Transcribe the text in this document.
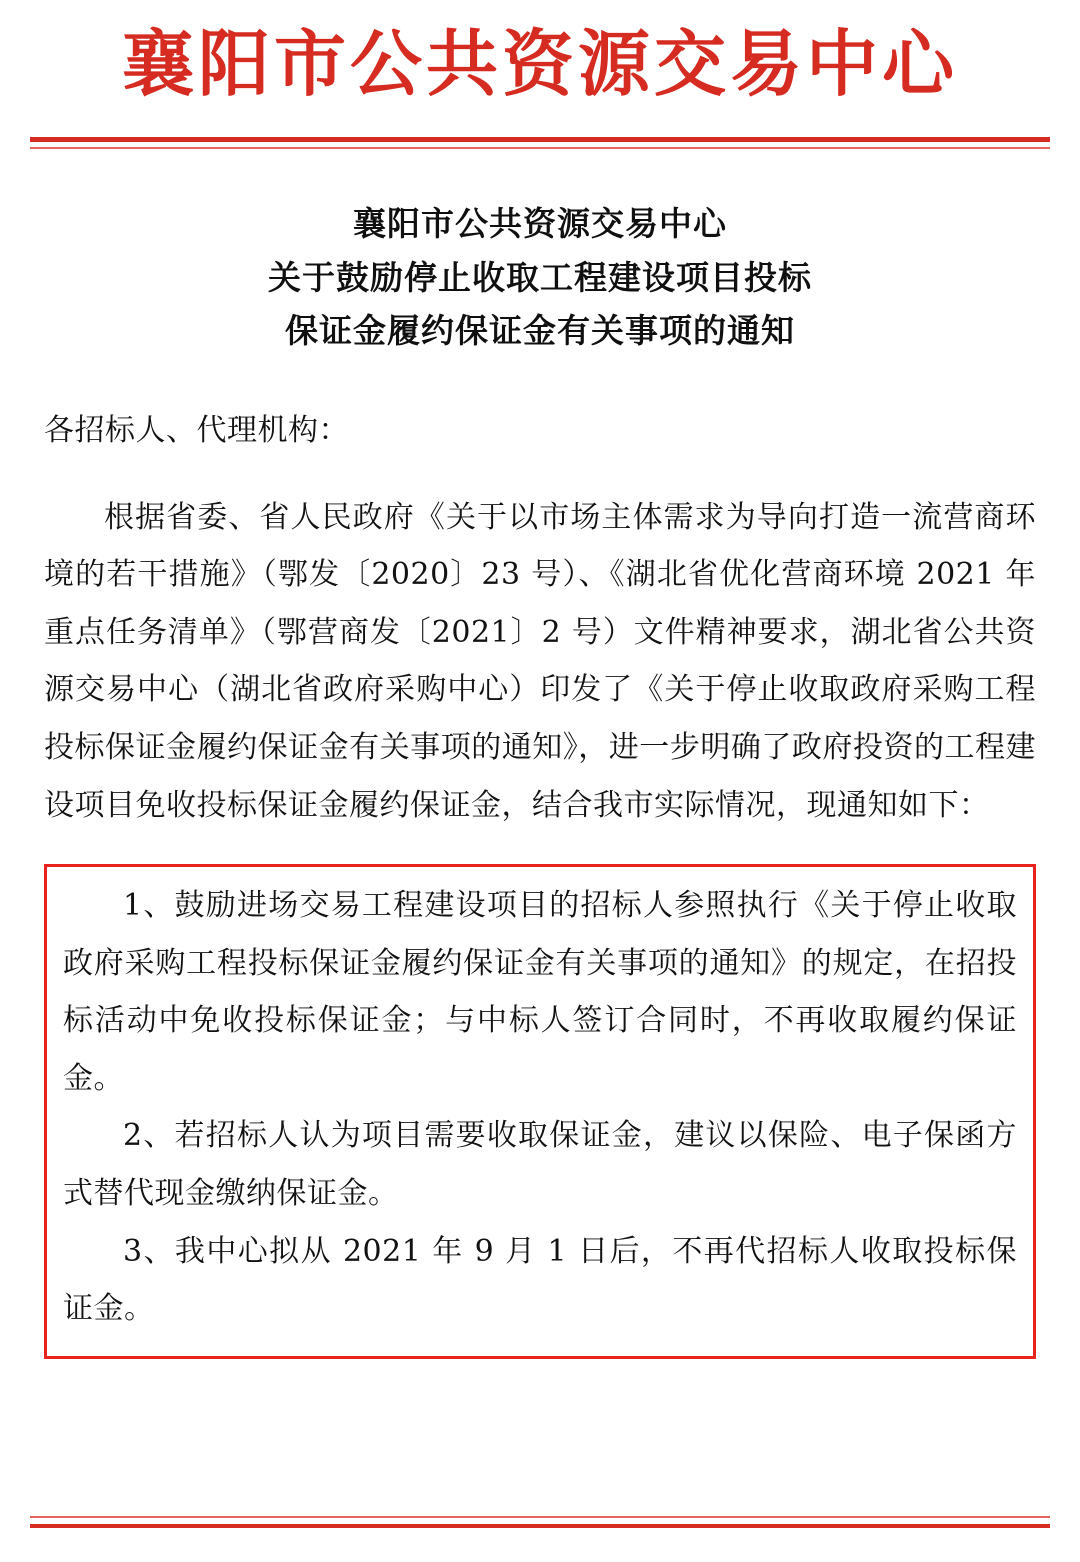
襄阳市公共资源交易中心
襄阳市公共资源交易中心
关于鼓励停止收取工程建设项目投标
保证金履约保证金有关事项的通知

各招标人、代理机构：

根据省委、省人民政府《关于以市场主体需求为导向打造一流营商环境的若干措施》（鄂发〔2020〕23 号）、《湖北省优化营商环境 2021 年重点任务清单》（鄂营商发〔2021〕2 号）文件精神要求，湖北省公共资源交易中心（湖北省政府采购中心）印发了《关于停止收取政府采购工程投标保证金履约保证金有关事项的通知》，进一步明确了政府投资的工程建设项目免收投标保证金履约保证金，结合我市实际情况，现通知如下：

1、鼓励进场交易工程建设项目的招标人参照执行《关于停止收取政府采购工程投标保证金履约保证金有关事项的通知》的规定，在招投标活动中免收投标保证金；与中标人签订合同时，不再收取履约保证金。

2、若招标人认为项目需要收取保证金，建议以保险、电子保函方式替代现金缴纳保证金。

3、我中心拟从 2021 年 9 月 1 日后，不再代招标人收取投标保证金。
